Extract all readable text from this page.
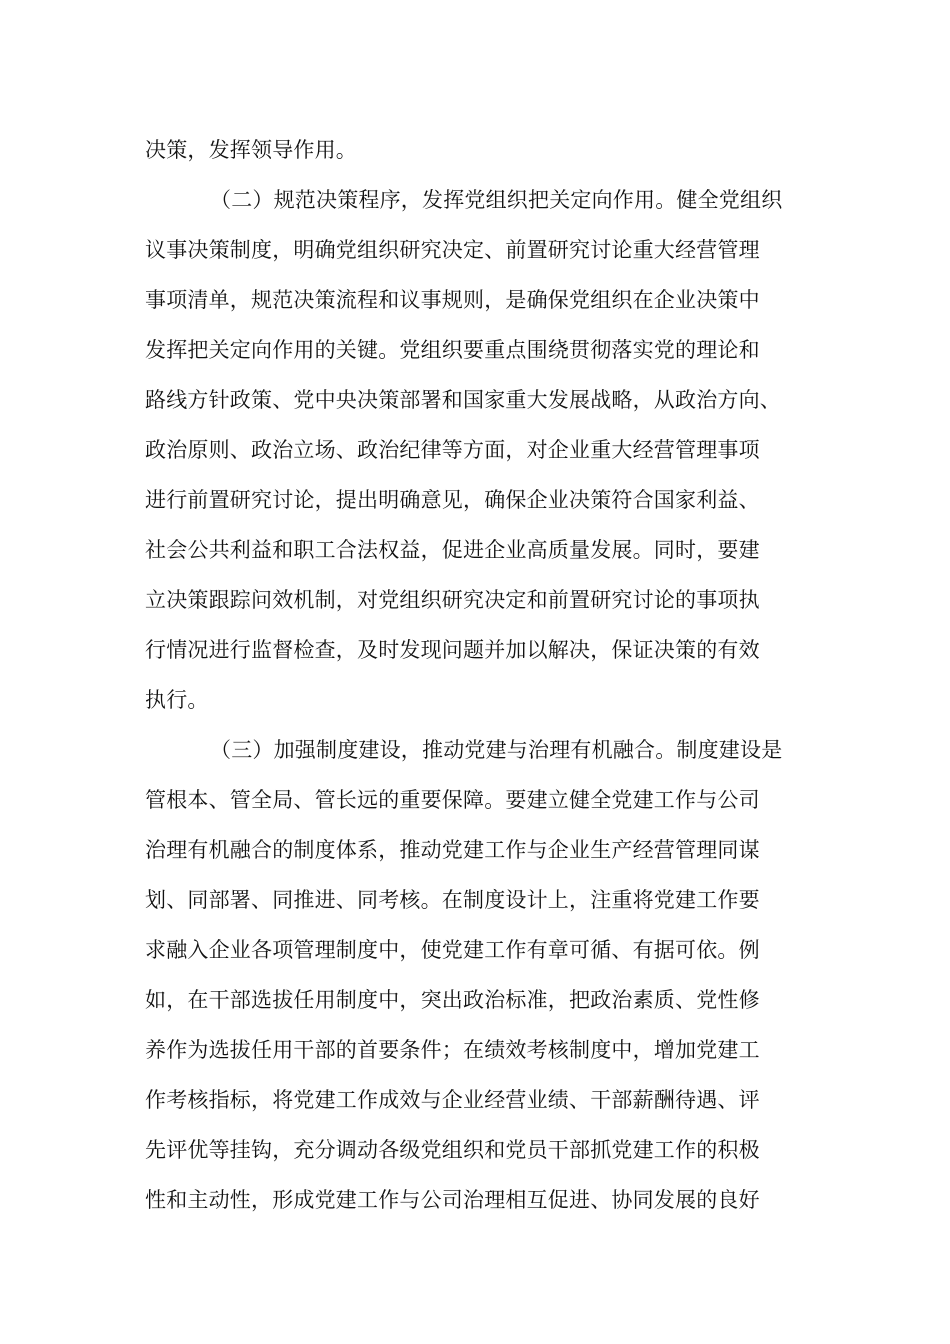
决策，发挥领导作用。
（二）规范决策程序，发挥党组织把关定向作用。健全党组织
议事决策制度，明确党组织研究决定、前置研究讨论重大经营管理
事项清单，规范决策流程和议事规则，是确保党组织在企业决策中
发挥把关定向作用的关键。党组织要重点围绕贯彻落实党的理论和
路线方针政策、党中央决策部署和国家重大发展战略，从政治方向、
政治原则、政治立场、政治纪律等方面，对企业重大经营管理事项
进行前置研究讨论，提出明确意见，确保企业决策符合国家利益、
社会公共利益和职工合法权益，促进企业高质量发展。同时，要建
立决策跟踪问效机制，对党组织研究决定和前置研究讨论的事项执
行情况进行监督检查，及时发现问题并加以解决，保证决策的有效
执行。
（三）加强制度建设，推动党建与治理有机融合。制度建设是
管根本、管全局、管长远的重要保障。要建立健全党建工作与公司
治理有机融合的制度体系，推动党建工作与企业生产经营管理同谋
划、同部署、同推进、同考核。在制度设计上，注重将党建工作要
求融入企业各项管理制度中，使党建工作有章可循、有据可依。例
如，在干部选拔任用制度中，突出政治标准，把政治素质、党性修
养作为选拔任用干部的首要条件；在绩效考核制度中，增加党建工
作考核指标，将党建工作成效与企业经营业绩、干部薪酬待遇、评
先评优等挂钩，充分调动各级党组织和党员干部抓党建工作的积极
性和主动性，形成党建工作与公司治理相互促进、协同发展的良好
